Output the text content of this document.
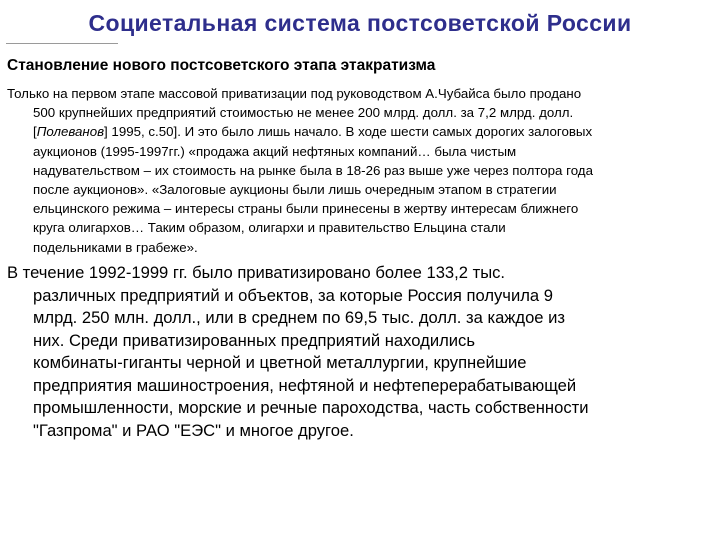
Социетальная система постсоветской России

Становление нового постсоветского этапа этакратизма

Только на первом этапе массовой приватизации под руководством А.Чубайса было продано
500 крупнейших предприятий стоимостью не менее 200 млрд. долл. за 7,2 млрд. долл.
[Полеванов] 1995, с.50]. И это было лишь начало. В ходе шести самых дорогих залоговых
аукционов (1995-1997гг.) «продажа акций нефтяных компаний… была чистым
надувательством – их стоимость на рынке была в 18-26 раз выше уже через полтора года
после аукционов». «Залоговые аукционы были лишь очередным этапом в стратегии
ельцинского режима – интересы страны были принесены в жертву интересам ближнего
круга олигархов… Таким образом, олигархи и правительство Ельцина стали
подельниками в грабеже».
В течение 1992-1999 гг. было приватизировано более 133,2 тыс.
различных предприятий и объектов, за которые Россия получила 9
млрд. 250 млн. долл., или в среднем по 69,5 тыс. долл. за каждое из
них. Среди приватизированных предприятий находились
комбинаты-гиганты черной и цветной металлургии, крупнейшие
предприятия машиностроения, нефтяной и нефтеперерабатывающей
промышленности, морские и речные пароходства, часть собственности
"Газпрома" и РАО "ЕЭС" и многое другое.
